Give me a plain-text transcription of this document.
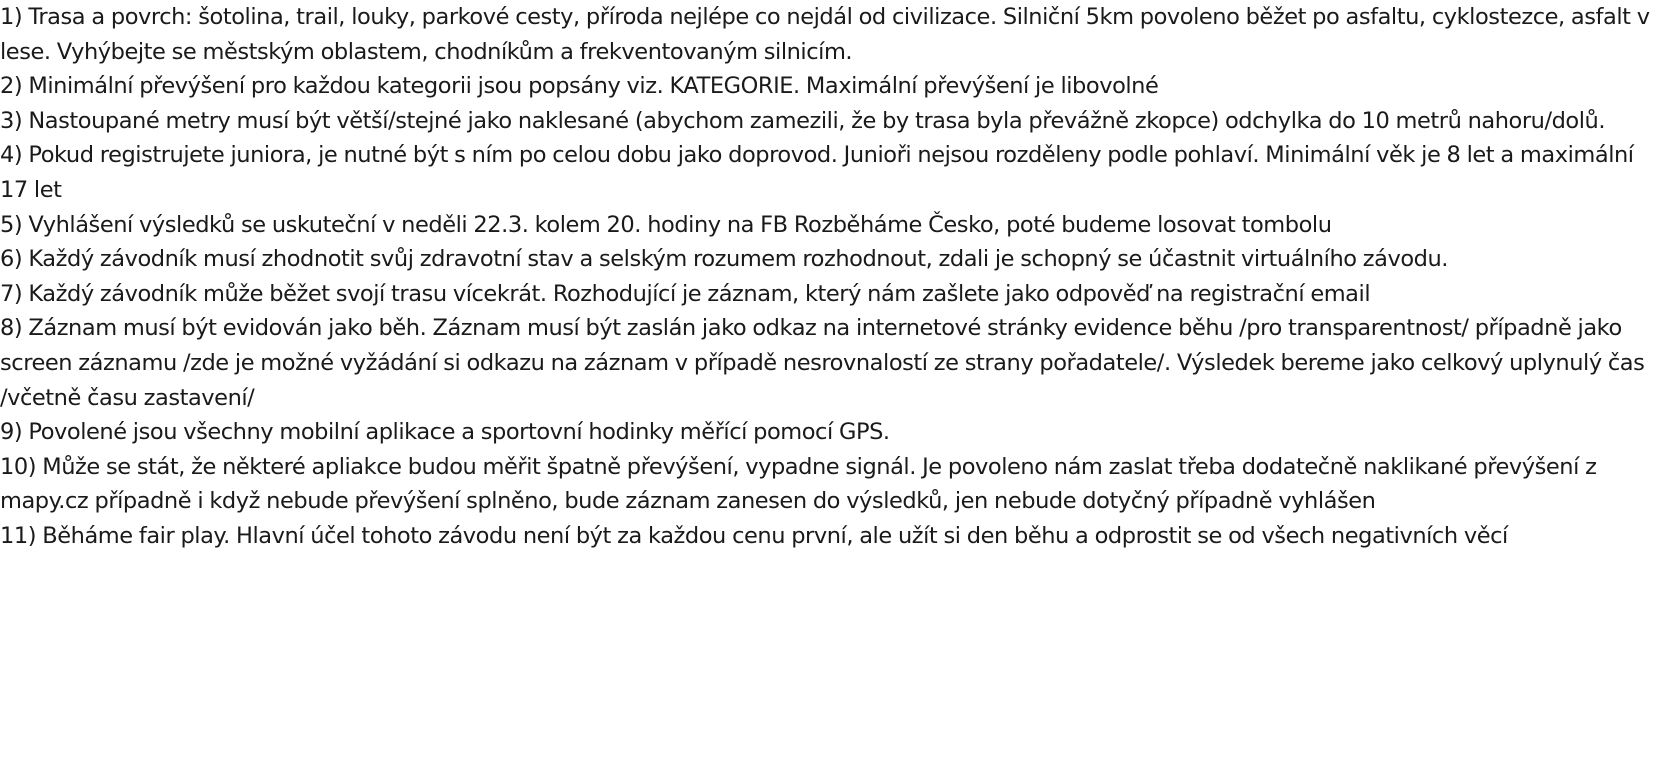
1) Trasa a povrch: šotolina, trail, louky, parkové cesty, příroda nejlépe co nejdál od civilizace. Silniční 5km povoleno běžet po asfaltu, cyklostezce, asfalt v lese. Vyhýbejte se městským oblastem, chodníkům a frekventovaným silnicím.
2) Minimální převýšení pro každou kategorii jsou popsány viz. KATEGORIE. Maximální převýšení je libovolné
3) Nastoupané metry musí být větší/stejné jako naklesané (abychom zamezili, že by trasa byla převážně zkopce) odchylka do 10 metrů nahoru/dolů.
4) Pokud registrujete juniora, je nutné být s ním po celou dobu jako doprovod. Junioři nejsou rozděleny podle pohlaví. Minimální věk je 8 let a maximální 17 let
5) Vyhlášení výsledků se uskuteční v neděli 22.3. kolem 20. hodiny na FB Rozběháme Česko, poté budeme losovat tombolu
6) Každý závodník musí zhodnotit svůj zdravotní stav a selským rozumem rozhodnout, zdali je schopný se účastnit virtuálního závodu.
7) Každý závodník může běžet svojí trasu vícekrát. Rozhodující je záznam, který nám zašlete jako odpověď na registrační email
8) Záznam musí být evidován jako běh. Záznam musí být zaslán jako odkaz na internetové stránky evidence běhu /pro transparentnost/ případně jako screen záznamu /zde je možné vyžádání si odkazu na záznam v případě nesrovnalostí ze strany pořadatele/. Výsledek bereme jako celkový uplynulý čas /včetně času zastavení/
9) Povolené jsou všechny mobilní aplikace a sportovní hodinky měřící pomocí GPS.
10) Může se stát, že některé apliakce budou měřit špatně převýšení, vypadne signál. Je povoleno nám zaslat třeba dodatečně naklikané převýšení z mapy.cz případně i když nebude převýšení splněno, bude záznam zanesen do výsledků, jen nebude dotyčný případně vyhlášen
11) Běháme fair play. Hlavní účel tohoto závodu není být za každou cenu první, ale užít si den běhu a odprostit se od všech negativních věcí
